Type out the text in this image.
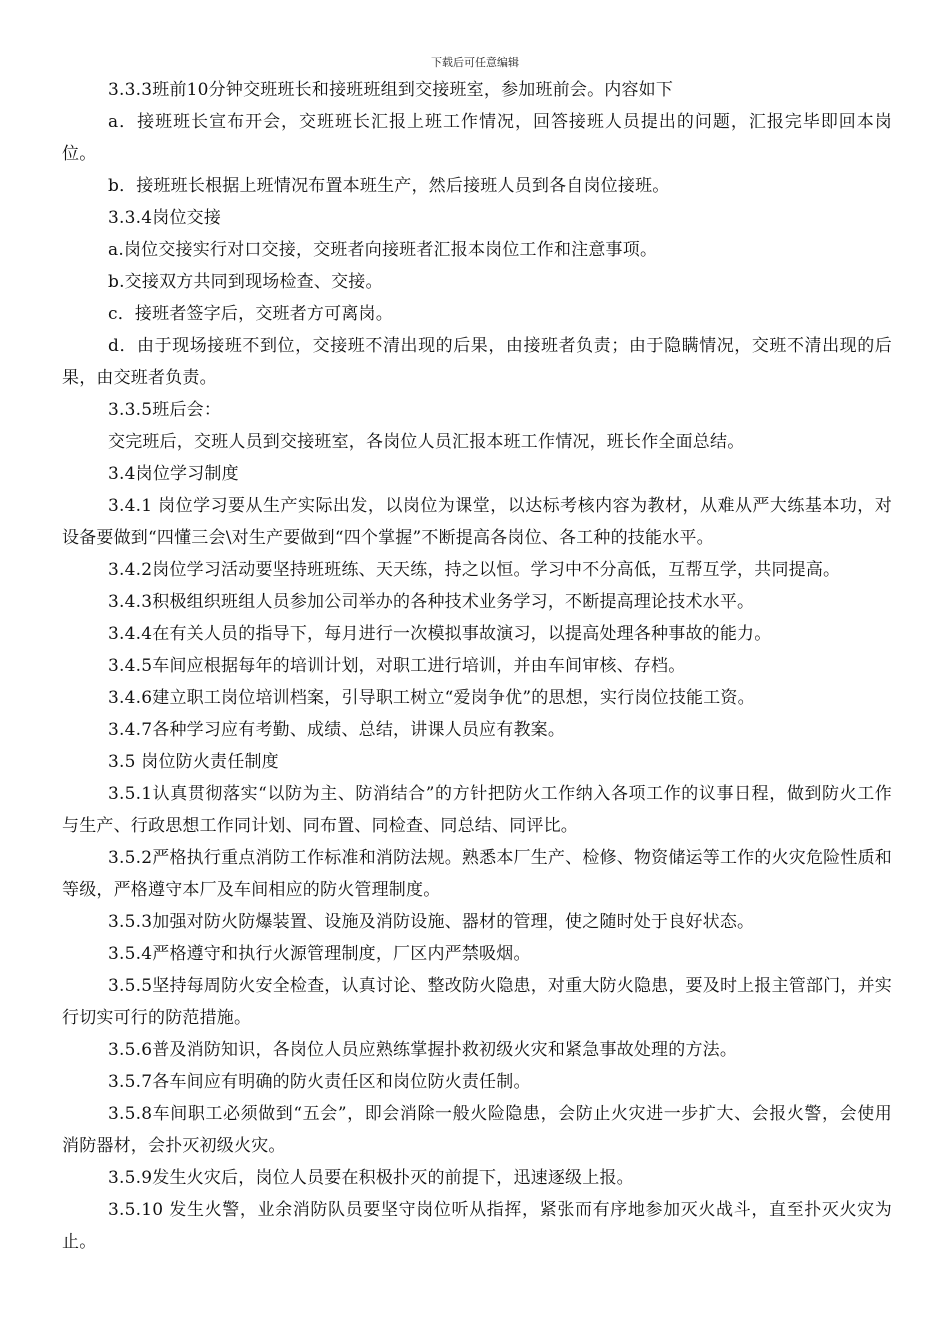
下载后可任意编辑

3.3.3班前10分钟交班班长和接班班组到交接班室，参加班前会。内容如下

a．接班班长宣布开会，交班班长汇报上班工作情况，回答接班人员提出的问题，汇报完毕即回本岗位。

b．接班班长根据上班情况布置本班生产，然后接班人员到各自岗位接班。

3.3.4岗位交接

a.岗位交接实行对口交接，交班者向接班者汇报本岗位工作和注意事项。

b.交接双方共同到现场检查、交接。

c．接班者签字后，交班者方可离岗。

d．由于现场接班不到位，交接班不清出现的后果，由接班者负责；由于隐瞒情况，交班不清出现的后果，由交班者负责。

3.3.5班后会：

交完班后，交班人员到交接班室，各岗位人员汇报本班工作情况，班长作全面总结。

3.4岗位学习制度

3.4.1 岗位学习要从生产实际出发，以岗位为课堂，以达标考核内容为教材，从难从严大练基本功，对设备要做到“四懂三会\对生产要做到“四个掌握”不断提高各岗位、各工种的技能水平。

3.4.2岗位学习活动要坚持班班练、天天练，持之以恒。学习中不分高低，互帮互学，共同提高。

3.4.3积极组织班组人员参加公司举办的各种技术业务学习，不断提高理论技术水平。

3.4.4在有关人员的指导下，每月进行一次模拟事故演习，以提高处理各种事故的能力。

3.4.5车间应根据每年的培训计划，对职工进行培训，并由车间审核、存档。

3.4.6建立职工岗位培训档案，引导职工树立“爱岗争优”的思想，实行岗位技能工资。

3.4.7各种学习应有考勤、成绩、总结，讲课人员应有教案。

3.5 岗位防火责任制度

3.5.1认真贯彻落实“以防为主、防消结合”的方针把防火工作纳入各项工作的议事日程，做到防火工作与生产、行政思想工作同计划、同布置、同检查、同总结、同评比。

3.5.2严格执行重点消防工作标准和消防法规。熟悉本厂生产、检修、物资储运等工作的火灾危险性质和等级，严格遵守本厂及车间相应的防火管理制度。

3.5.3加强对防火防爆装置、设施及消防设施、器材的管理，使之随时处于良好状态。

3.5.4严格遵守和执行火源管理制度，厂区内严禁吸烟。

3.5.5坚持每周防火安全检查，认真讨论、整改防火隐患，对重大防火隐患，要及时上报主管部门，并实行切实可行的防范措施。

3.5.6普及消防知识，各岗位人员应熟练掌握扑救初级火灾和紧急事故处理的方法。

3.5.7各车间应有明确的防火责任区和岗位防火责任制。

3.5.8车间职工必须做到“五会”，即会消除一般火险隐患，会防止火灾进一步扩大、会报火警，会使用消防器材，会扑灭初级火灾。

3.5.9发生火灾后，岗位人员要在积极扑灭的前提下，迅速逐级上报。

3.5.10 发生火警，业余消防队员要坚守岗位听从指挥，紧张而有序地参加灭火战斗，直至扑灭火灾为止。
